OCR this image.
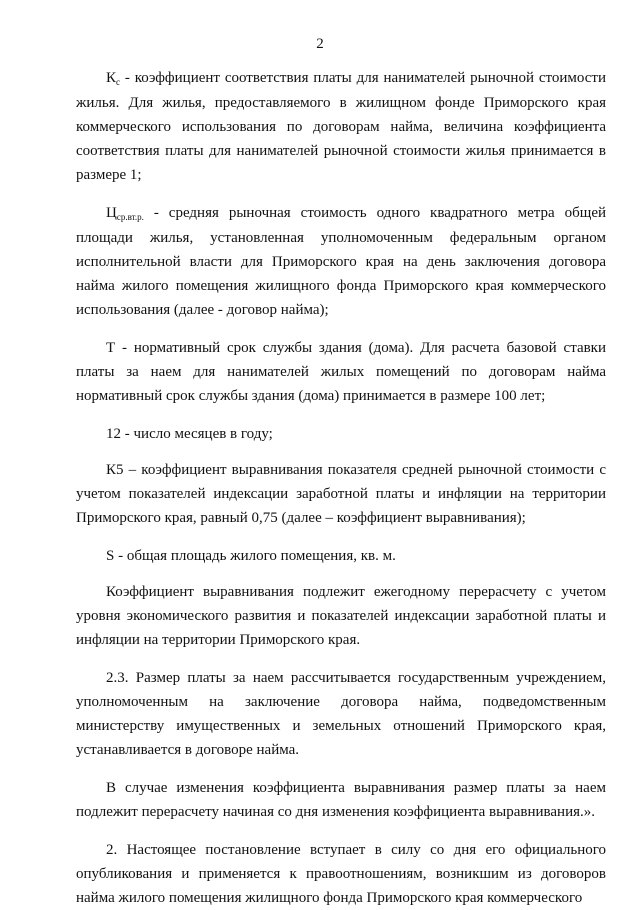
2

$К_c$ - коэффициент соответствия платы для нанимателей рыночной стоимости жилья. Для жилья, предоставляемого в жилищном фонде Приморского края коммерческого использования по договорам найма, величина коэффициента соответствия платы для нанимателей рыночной стоимости жилья принимается в размере 1;

$Ц_{ср.вт.р.}$ - средняя рыночная стоимость одного квадратного метра общей площади жилья, установленная уполномоченным федеральным органом исполнительной власти для Приморского края на день заключения договора найма жилого помещения жилищного фонда Приморского края коммерческого использования (далее - договор найма);

Т - нормативный срок службы здания (дома). Для расчета базовой ставки платы за наем для нанимателей жилых помещений по договорам найма нормативный срок службы здания (дома) принимается в размере 100 лет;

12 - число месяцев в году;

К5 – коэффициент выравнивания показателя средней рыночной стоимости с учетом показателей индексации заработной платы и инфляции на территории Приморского края, равный 0,75 (далее – коэффициент выравнивания);

S - общая площадь жилого помещения, кв. м.

Коэффициент выравнивания подлежит ежегодному перерасчету с учетом уровня экономического развития и показателей индексации заработной платы и инфляции на территории Приморского края.

2.3. Размер платы за наем рассчитывается государственным учреждением, уполномоченным на заключение договора найма, подведомственным министерству имущественных и земельных отношений Приморского края, устанавливается в договоре найма.

В случае изменения коэффициента выравнивания размер платы за наем подлежит перерасчету начиная со дня изменения коэффициента выравнивания.».

2. Настоящее постановление вступает в силу со дня его официального опубликования и применяется к правоотношениям, возникшим из договоров найма жилого помещения жилищного фонда Приморского края коммерческого
